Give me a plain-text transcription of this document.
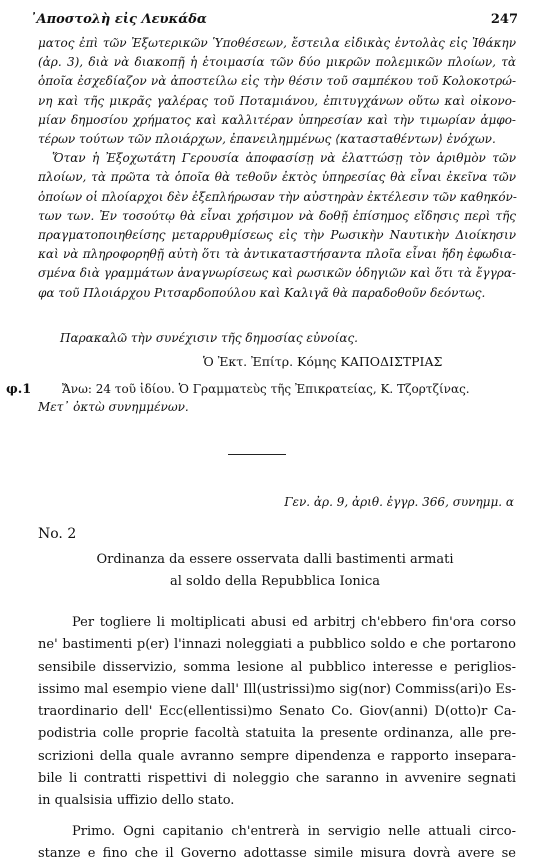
᾽Αποστολὴ εἰς Λευκάδα	247
ματος ἐπὶ τῶν Ἐξωτερικῶν Ὑποθέσεων, ἔστειλα εἰδικὰς ἐντολὰς εἰς Ἰθάκην
(ἀρ. 3), διὰ νὰ διακοπῇ ἡ ἑτοιμασία τῶν δύο μικρῶν πολεμικῶν πλοίων, τὰ
ὁποῖα ἐσχεδίαζον νὰ ἀποστείλω εἰς τὴν θέσιν τοῦ σαμπέκου τοῦ Κολοκοτρώ-
νη καὶ τῆς μικρᾶς γαλέρας τοῦ Ποταμιάνου, ἐπιτυγχάνων οὕτω καὶ οἰκονο-
μίαν δημοσίου χρήματος καὶ καλλιτέραν ὑπηρεσίαν καὶ τὴν τιμωρίαν ἀμφο-
τέρων τούτων τῶν πλοιάρχων, ἐπανειλημμένως ⟨κατασταθέντων⟩ ἐνόχων.
Ὅταν ἡ Ἐξοχωτάτη Γερουσία ἀποφασίσῃ νὰ ἐλαττώσῃ τὸν ἀριθμὸν τῶν
πλοίων, τὰ πρῶτα τὰ ὁποῖα θὰ τεθοῦν ἐκτὸς ὑπηρεσίας θὰ εἶναι ἐκεῖνα τῶν
ὁποίων οἱ πλοίαρχοι δὲν ἐξεπλήρωσαν τὴν αὐστηρὰν ἐκτέλεσιν τῶν καθηκόν-
των των. Ἐν τοσούτῳ θὰ εἶναι χρήσιμον νὰ δοθῇ ἐπίσημος εἴδησις περὶ τῆς
πραγματοποιηθείσης μεταρρυθμίσεως εἰς τὴν Ρωσικὴν Ναυτικὴν Διοίκησιν
καὶ νὰ πληροφορηθῇ αὐτὴ ὅτι τὰ ἀντικαταστήσαντα πλοῖα εἶναι ἤδη ἐφωδια-
σμένα διὰ γραμμάτων ἀναγνωρίσεως καὶ ρωσικῶν ὁδηγιῶν καὶ ὅτι τὰ ἔγγρα-
φα τοῦ Πλοιάρχου Ριτσαρδοπούλου καὶ Καλιγᾶ θὰ παραδοθοῦν δεόντως.
Παρακαλῶ τὴν συνέχισιν τῆς δημοσίας εὐνοίας.
Ὁ Ἐκτ. Ἐπίτρ. Κόμης ΚΑΠΟΔΙΣΤΡΙΑΣ
φ.1	Ἄνω: 24 τοῦ ἰδίου. Ὁ Γραμματεὺς τῆς Ἐπικρατείας, Κ. Τζορτζίνας.
Μετ᾽ ὀκτὼ συνημμένων.
Γεν. ἀρ. 9, ἀριθ. ἐγγρ. 366, συνημμ. α
No. 2
Ordinanza da essere osservata dalli bastimenti armati
al soldo della Repubblica Ionica
Per togliere li moltiplicati abusi ed arbitrj ch'ebbero fin'ora corso
ne' bastimenti p(er) l'innazi noleggiati a pubblico soldo e che portarono
sensibile disservizio, somma lesione al pubblico interesse e periglios-
issimo mal esempio viene dall' Ill(ustrissi)mo sig(nor) Commiss(ari)o Es-
traordinario dell' Ecc(ellentissi)mo Senato Co. Giov(anni) D(otto)r Ca-
podistria colle proprie facoltà statuita la presente ordinanza, alle pre-
scrizioni della quale avranno sempre dipendenza e rapporto insepara-
bile li contratti rispettivi di noleggio che saranno in avvenire segnati
in qualsisia uffizio dello stato.
Primo. Ogni capitanio ch'entrerà in servigio nelle attuali circo-
stanze e fino che il Governo adottasse simile misura dovrà avere se
